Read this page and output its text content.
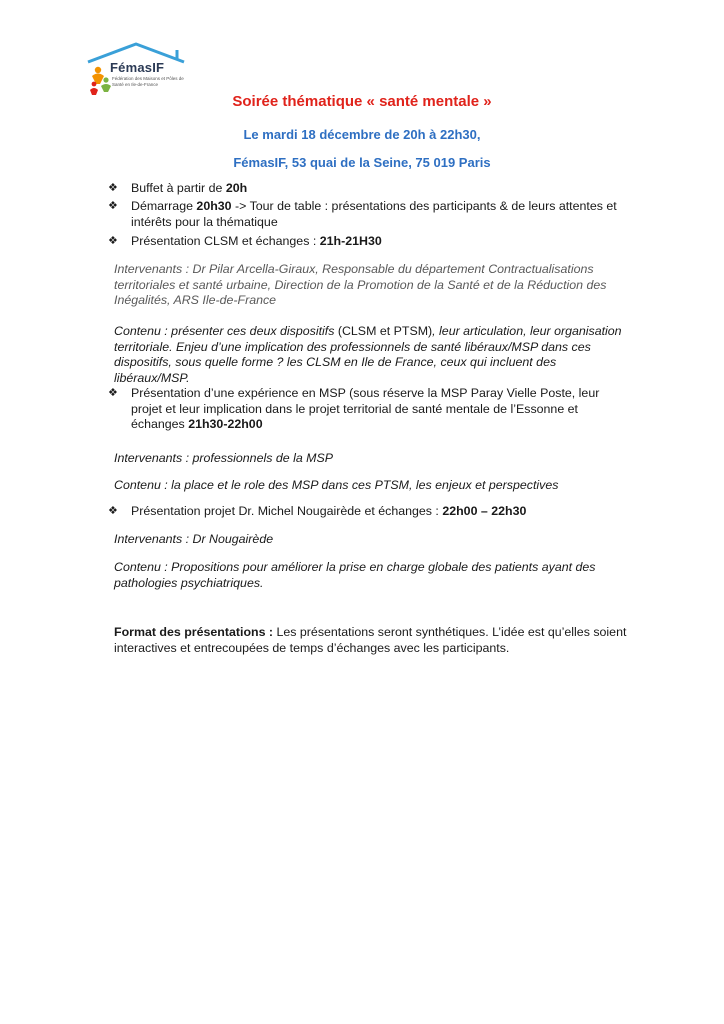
FémasIF
Fédération des Maisons et Pôles de Santé en Ile-de-France
Soirée thématique « santé mentale »
Le mardi 18 décembre de 20h à 22h30,
FémasIF, 53 quai de la Seine, 75 019 Paris
❖ Buffet à partir de 20h
❖ Démarrage 20h30 -> Tour de table : présentations des participants & de leurs attentes et intérêts pour la thématique
❖ Présentation CLSM et échanges : 21h-21H30
Intervenants : Dr Pilar Arcella-Giraux, Responsable du département Contractualisations territoriales et santé urbaine, Direction de la Promotion de la Santé et de la Réduction des Inégalités, ARS Ile-de-France
Contenu : présenter ces deux dispositifs (CLSM et PTSM), leur articulation, leur organisation territoriale. Enjeu d’une implication des professionnels de santé libéraux/MSP dans ces dispositifs, sous quelle forme ? les CLSM en Ile de France, ceux qui incluent des libéraux/MSP.
❖ Présentation d’une expérience en MSP (sous réserve la MSP Paray Vielle Poste, leur projet et leur implication dans le projet territorial de santé mentale de l’Essonne et échanges 21h30-22h00
Intervenants : professionnels de la MSP
Contenu : la place et le role des MSP dans ces PTSM, les enjeux et perspectives
❖ Présentation projet Dr. Michel Nougairède et échanges : 22h00 – 22h30
Intervenants : Dr Nougairède
Contenu : Propositions pour améliorer la prise en charge globale des patients ayant des pathologies psychiatriques.
Format des présentations : Les présentations seront synthétiques. L’idée est qu’elles soient interactives et entrecoupées de temps d’échanges avec les participants.
